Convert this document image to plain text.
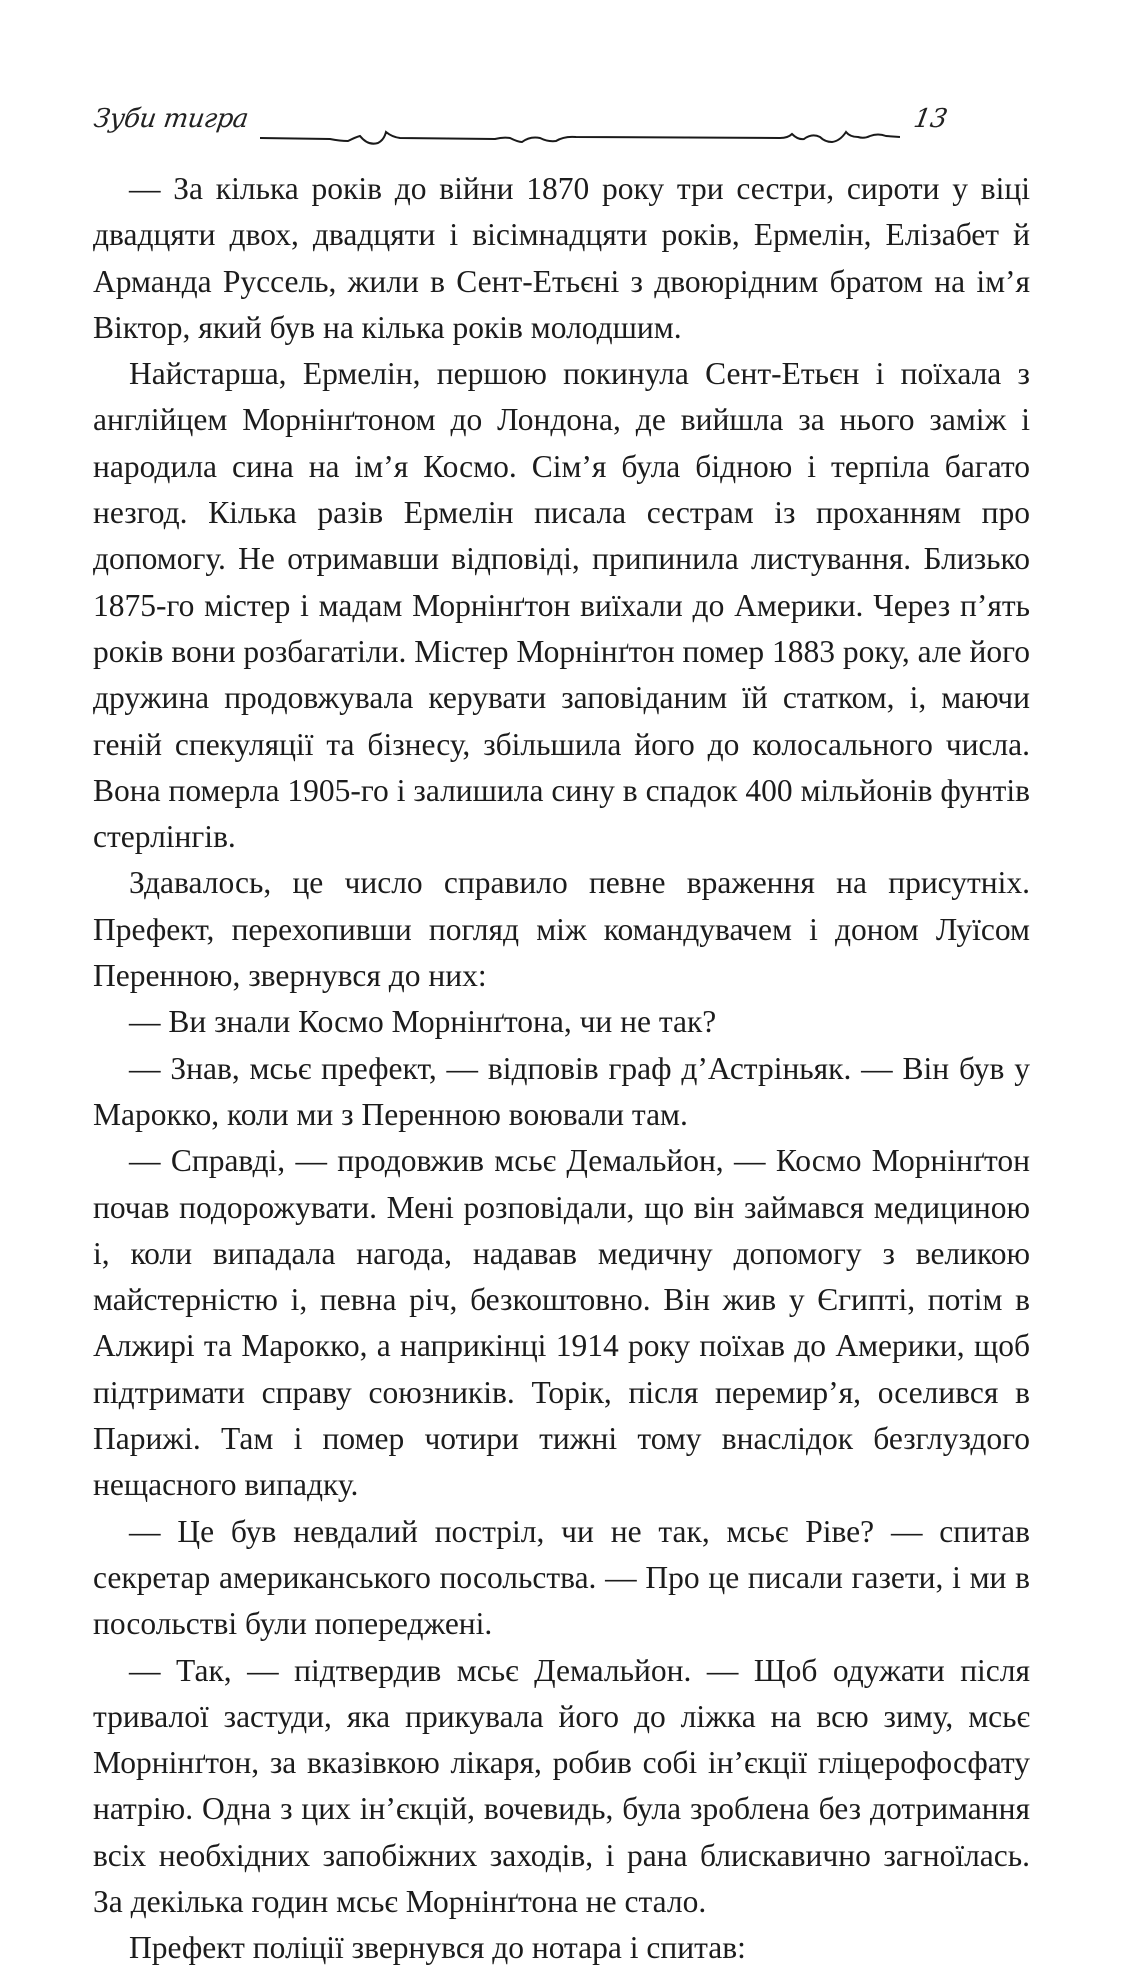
Зуби тигра	13

— За кілька років до війни 1870 року три сестри, сироти у віці двадцяти двох, двадцяти і вісімнадцяти років, Ермелін, Елізабет й Арманда Руссель, жили в Сент-Етьєні з двоюрідним братом на ім’я Віктор, який був на кілька років молодшим.

Найстарша, Ермелін, першою покинула Сент-Етьєн і поїхала з англійцем Морнінґтоном до Лондона, де вийшла за нього заміж і народила сина на ім’я Космо. Сім’я була бідною і терпіла багато незгод. Кілька разів Ермелін писала сестрам із проханням про допомогу. Не отримавши відповіді, припинила листування. Близько 1875-го містер і мадам Морнінґтон виїхали до Америки. Через п’ять років вони розбагатіли. Містер Морнінґтон помер 1883 року, але його дружина продовжувала керувати заповіданим їй статком, і, маючи геній спекуляції та бізнесу, збільшила його до колосального числа. Вона померла 1905-го і залишила сину в спадок 400 мільйонів фунтів стерлінгів.

Здавалось, це число справило певне враження на присутніх. Префект, перехопивши погляд між командувачем і доном Луїсом Перенною, звернувся до них:

— Ви знали Космо Морнінґтона, чи не так?

— Знав, мсьє префект, — відповів граф д’Астріньяк. — Він був у Марокко, коли ми з Перенною воювали там.

— Справді, — продовжив мсьє Демальйон, — Космо Морнінґтон почав подорожувати. Мені розповідали, що він займався медициною і, коли випадала нагода, надавав медичну допомогу з великою майстерністю і, певна річ, безкоштовно. Він жив у Єгипті, потім в Алжирі та Марокко, а наприкінці 1914 року поїхав до Америки, щоб підтримати справу союзників. Торік, після перемир’я, оселився в Парижі. Там і помер чотири тижні тому внаслідок безглуздого нещасного випадку.

— Це був невдалий постріл, чи не так, мсьє Ріве? — спитав секретар американського посольства. — Про це писали газети, і ми в посольстві були попереджені.

— Так, — підтвердив мсьє Демальйон. — Щоб одужати після тривалої застуди, яка прикувала його до ліжка на всю зиму, мсьє Морнінґтон, за вказівкою лікаря, робив собі ін’єкції гліцерофосфату натрію. Одна з цих ін’єкцій, вочевидь, була зроблена без дотримання всіх необхідних запобіжних заходів, і рана блискавично загноїлась. За декілька годин мсьє Морнінґтона не стало.

Префект поліції звернувся до нотара і спитав:
